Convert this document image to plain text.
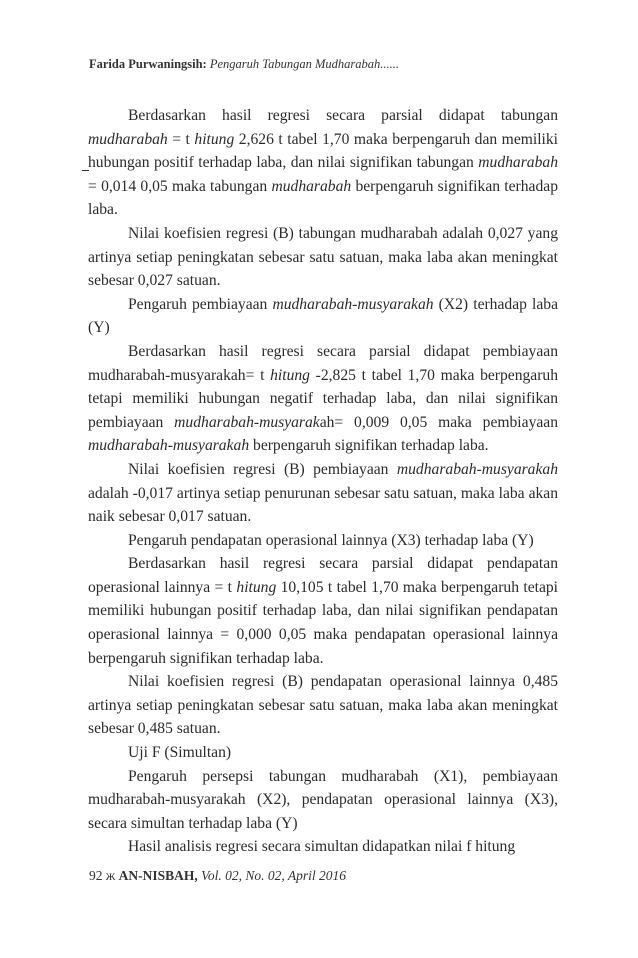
Farida Purwaningsih: Pengaruh Tabungan Mudharabah......

Berdasarkan hasil regresi secara parsial didapat tabungan mudharabah = t hitung 2,626 t tabel 1,70 maka berpengaruh dan memiliki hubungan positif terhadap laba, dan nilai signifikan tabungan mudharabah = 0,014 0,05 maka tabungan mudharabah berpengaruh signifikan terhadap laba.

Nilai koefisien regresi (B) tabungan mudharabah adalah 0,027 yang artinya setiap peningkatan sebesar satu satuan, maka laba akan meningkat sebesar 0,027 satuan.

Pengaruh pembiayaan mudharabah-musyarakah (X2) terhadap laba (Y)

Berdasarkan hasil regresi secara parsial didapat pembiayaan mudharabah-musyarakah= t hitung -2,825 t tabel 1,70 maka berpengaruh tetapi memiliki hubungan negatif terhadap laba, dan nilai signifikan pembiayaan mudharabah-musyarakah= 0,009 0,05 maka pembiayaan mudharabah-musyarakah berpengaruh signifikan terhadap laba.

Nilai koefisien regresi (B) pembiayaan mudharabah-musyarakah adalah -0,017 artinya setiap penurunan sebesar satu satuan, maka laba akan naik sebesar 0,017 satuan.

Pengaruh pendapatan operasional lainnya (X3) terhadap laba (Y)

Berdasarkan hasil regresi secara parsial didapat pendapatan operasional lainnya = t hitung 10,105 t tabel 1,70 maka berpengaruh tetapi memiliki hubungan positif terhadap laba, dan nilai signifikan pendapatan operasional lainnya = 0,000 0,05 maka pendapatan operasional lainnya berpengaruh signifikan terhadap laba.

Nilai koefisien regresi (B) pendapatan operasional lainnya 0,485 artinya setiap peningkatan sebesar satu satuan, maka laba akan meningkat sebesar 0,485 satuan.

Uji F (Simultan)

Pengaruh persepsi tabungan mudharabah (X1), pembiayaan mudharabah-musyarakah (X2), pendapatan operasional lainnya (X3), secara simultan terhadap laba (Y)

Hasil analisis regresi secara simultan didapatkan nilai f hitung

92 ж AN-NISBAH, Vol. 02, No. 02, April 2016
